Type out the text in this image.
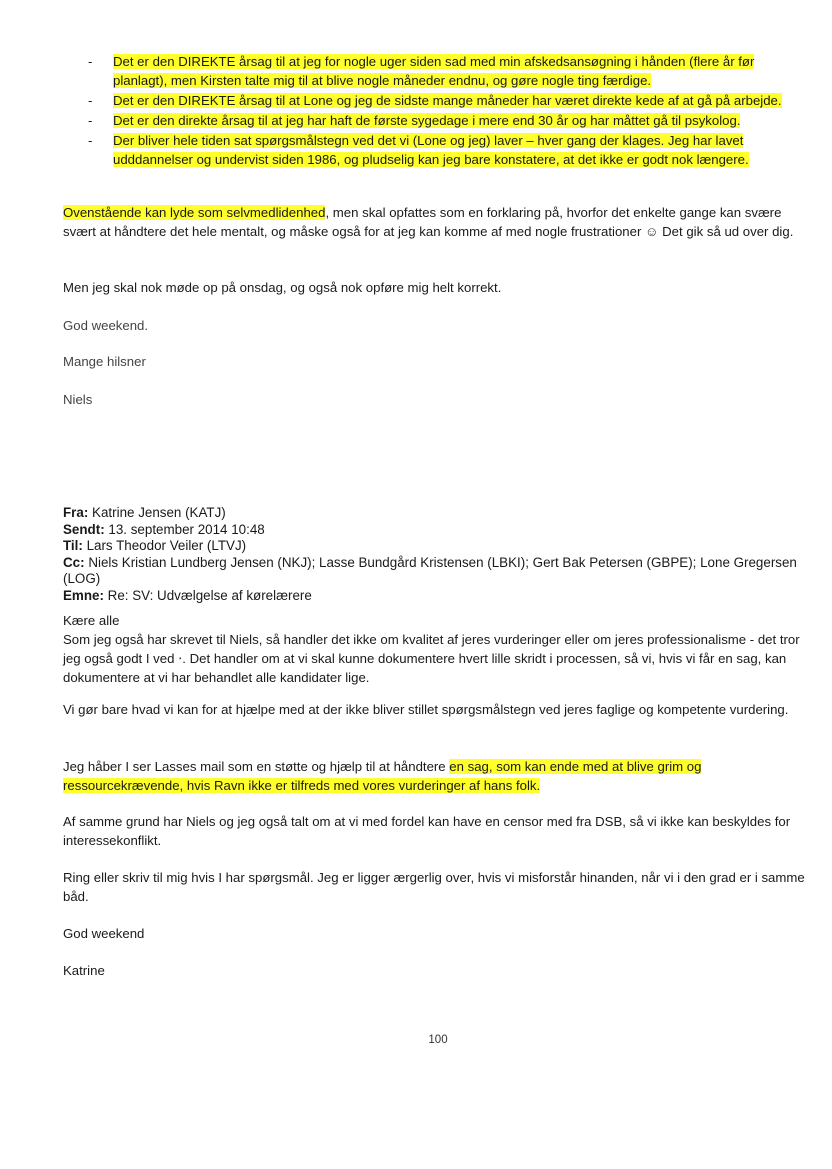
- Det er den DIREKTE årsag til at jeg for nogle uger siden sad med min afskedsansøgning i hånden (flere år før planlagt), men Kirsten talte mig til at blive nogle måneder endnu, og gøre nogle ting færdige.
- Det er den DIREKTE årsag til at Lone og jeg de sidste mange måneder har været direkte kede af at gå på arbejde.
- Det er den direkte årsag til at jeg har haft de første sygedage i mere end 30 år og har måttet gå til psykolog.
- Der bliver hele tiden sat spørgsmålstegn ved det vi (Lone og jeg) laver – hver gang der klages. Jeg har lavet udddannelser og undervist siden 1986, og pludselig kan jeg bare konstatere, at det ikke er godt nok længere.

Ovenstående kan lyde som selvmedlidenhed, men skal opfattes som en forklaring på, hvorfor det enkelte gange kan svære svært at håndtere det hele mentalt, og måske også for at jeg kan komme af med nogle frustrationer ☺ Det gik så ud over dig.

Men jeg skal nok møde op på onsdag, og også nok opføre mig helt korrekt.

God weekend.

Mange hilsner

Niels

Fra: Katrine Jensen (KATJ)

Sendt: 13. september 2014 10:48

Til: Lars Theodor Veiler (LTVJ)

Cc: Niels Kristian Lundberg Jensen (NKJ); Lasse Bundgård Kristensen (LBKI); Gert Bak Petersen (GBPE); Lone Gregersen (LOG)

Emne: Re: SV: Udvælgelse af kørelærere

Kære alle

Som jeg også har skrevet til Niels, så handler det ikke om kvalitet af jeres vurderinger eller om jeres professionalisme - det tror jeg også godt I ved ⋅. Det handler om at vi skal kunne dokumentere hvert lille skridt i processen, så vi, hvis vi får en sag, kan dokumentere at vi har behandlet alle kandidater lige.

Vi gør bare hvad vi kan for at hjælpe med at der ikke bliver stillet spørgsmålstegn ved jeres faglige og kompetente vurdering.

Jeg håber I ser Lasses mail som en støtte og hjælp til at håndtere en sag, som kan ende med at blive grim og ressourcekrævende, hvis Ravn ikke er tilfreds med vores vurderinger af hans folk.

Af samme grund har Niels og jeg også talt om at vi med fordel kan have en censor med fra DSB, så vi ikke kan beskyldes for interessekonflikt.

Ring eller skriv til mig hvis I har spørgsmål. Jeg er ligger ærgerlig over, hvis vi misforstår hinanden, når vi i den grad er i samme båd.

God weekend

Katrine

100
